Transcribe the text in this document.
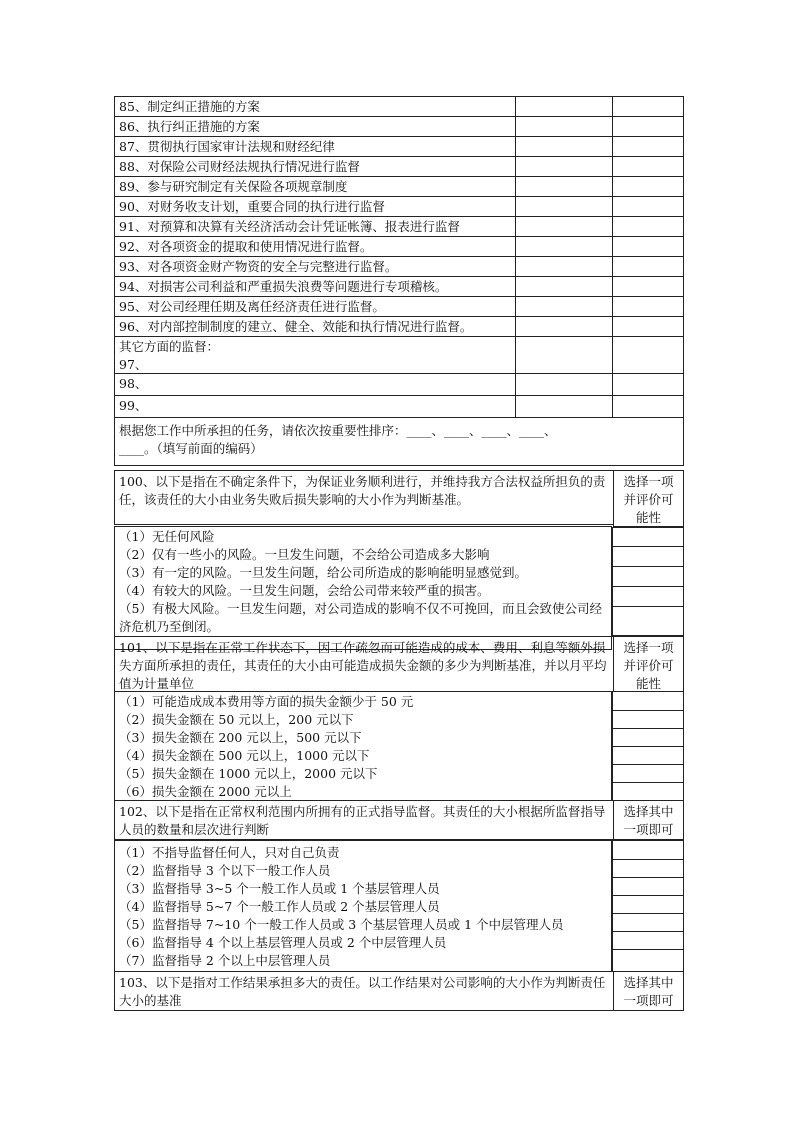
85、制定纠正措施的方案
86、执行纠正措施的方案
87、贯彻执行国家审计法规和财经纪律
88、对保险公司财经法规执行情况进行监督
89、参与研究制定有关保险各项规章制度
90、对财务收支计划，重要合同的执行进行监督
91、对预算和决算有关经济活动会计凭证帐簿、报表进行监督
92、对各项资金的提取和使用情况进行监督。
93、对各项资金财产物资的安全与完整进行监督。
94、对损害公司利益和严重损失浪费等问题进行专项稽核。
95、对公司经理任期及离任经济责任进行监督。
96、对内部控制制度的建立、健全、效能和执行情况进行监督。
其它方面的监督：
97、
98、
99、
根据您工作中所承担的任务，请依次按重要性排序：____、____、____、____、
____。（填写前面的编码）
100、以下是指在不确定条件下，为保证业务顺利进行，并维持我方合法权益所担负的责任，该责任的大小由业务失败后损失影响的大小作为判断基准。
选择一项并评价可能性
（1）无任何风险
（2）仅有一些小的风险。一旦发生问题，不会给公司造成多大影响
（3）有一定的风险。一旦发生问题，给公司所造成的影响能明显感觉到。
（4）有较大的风险。一旦发生问题，会给公司带来较严重的损害。
（5）有极大风险。一旦发生问题，对公司造成的影响不仅不可挽回，而且会致使公司经济危机乃至倒闭。
101、以下是指在正常工作状态下，因工作疏忽而可能造成的成本、费用、利息等额外损失方面所承担的责任，其责任的大小由可能造成损失金额的多少为判断基准，并以月平均值为计量单位
选择一项并评价可能性
（1）可能造成成本费用等方面的损失金额少于 50 元
（2）损失金额在 50 元以上，200 元以下
（3）损失金额在 200 元以上，500 元以下
（4）损失金额在 500 元以上，1000 元以下
（5）损失金额在 1000 元以上，2000 元以下
（6）损失金额在 2000 元以上
102、以下是指在正常权利范围内所拥有的正式指导监督。其责任的大小根据所监督指导人员的数量和层次进行判断
选择其中一项即可
（1）不指导监督任何人，只对自己负责
（2）监督指导 3 个以下一般工作人员
（3）监督指导 3~5 个一般工作人员或 1 个基层管理人员
（4）监督指导 5~7 个一般工作人员或 2 个基层管理人员
（5）监督指导 7~10 个一般工作人员或 3 个基层管理人员或 1 个中层管理人员
（6）监督指导 4 个以上基层管理人员或 2 个中层管理人员
（7）监督指导 2 个以上中层管理人员
103、以下是指对工作结果承担多大的责任。以工作结果对公司影响的大小作为判断责任大小的基准
选择其中一项即可
